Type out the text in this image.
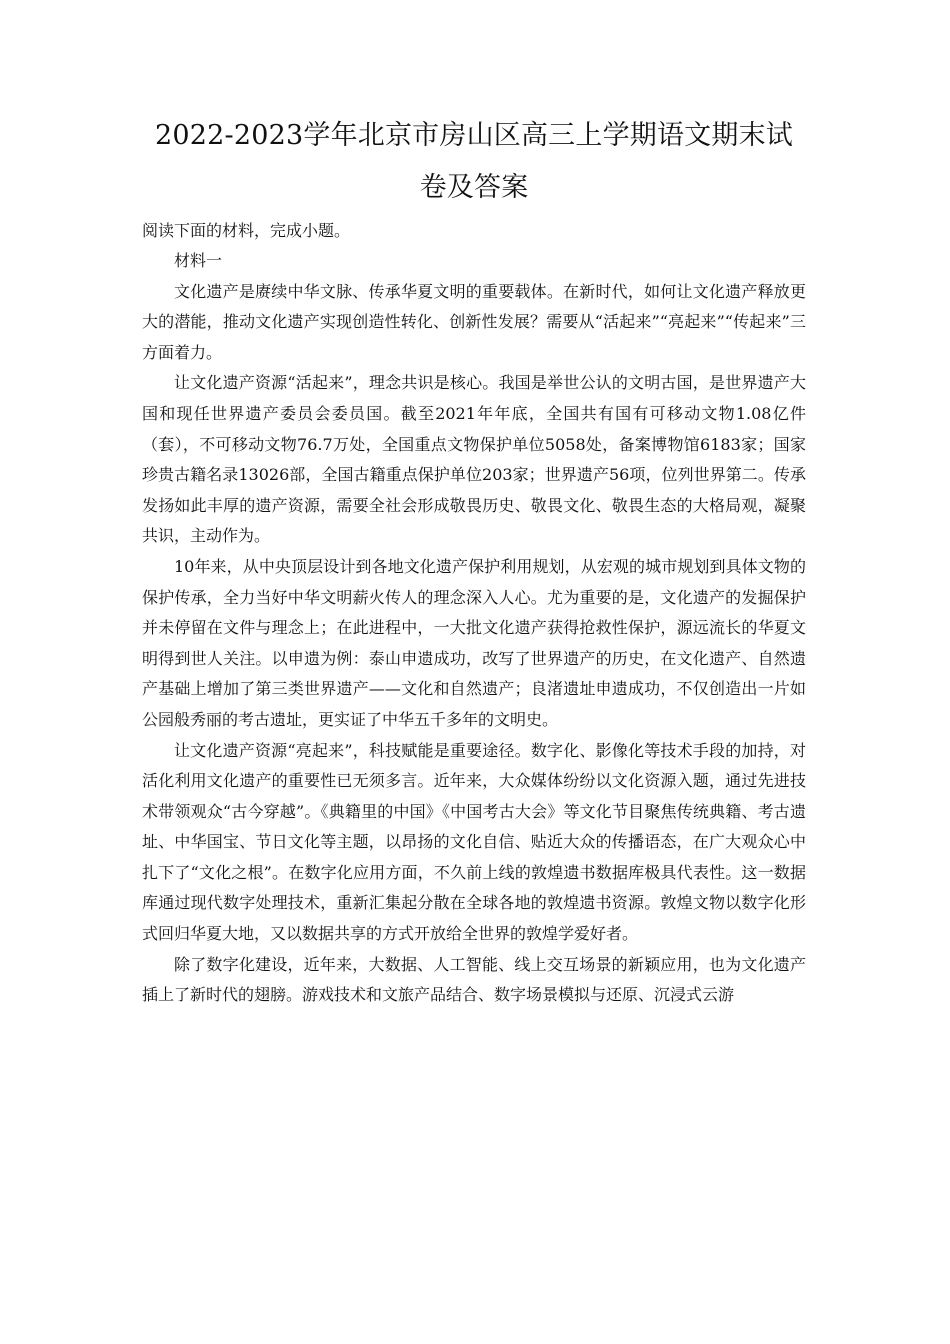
2022-2023学年北京市房山区高三上学期语文期末试卷及答案

阅读下面的材料，完成小题。

材料一

文化遗产是赓续中华文脉、传承华夏文明的重要载体。在新时代，如何让文化遗产释放更大的潜能，推动文化遗产实现创造性转化、创新性发展？需要从“活起来”“亮起来”“传起来”三方面着力。

让文化遗产资源“活起来”，理念共识是核心。我国是举世公认的文明古国，是世界遗产大国和现任世界遗产委员会委员国。截至2021年年底，全国共有国有可移动文物1.08亿件（套），不可移动文物76.7万处，全国重点文物保护单位5058处，备案博物馆6183家；国家珍贵古籍名录13026部，全国古籍重点保护单位203家；世界遗产56项，位列世界第二。传承发扬如此丰厚的遗产资源，需要全社会形成敬畏历史、敬畏文化、敬畏生态的大格局观，凝聚共识，主动作为。

10年来，从中央顶层设计到各地文化遗产保护利用规划，从宏观的城市规划到具体文物的保护传承，全力当好中华文明薪火传人的理念深入人心。尤为重要的是，文化遗产的发掘保护并未停留在文件与理念上；在此进程中，一大批文化遗产获得抢救性保护，源远流长的华夏文明得到世人关注。以申遗为例：泰山申遗成功，改写了世界遗产的历史，在文化遗产、自然遗产基础上增加了第三类世界遗产——文化和自然遗产；良渚遗址申遗成功，不仅创造出一片如公园般秀丽的考古遗址，更实证了中华五千多年的文明史。

让文化遗产资源“亮起来”，科技赋能是重要途径。数字化、影像化等技术手段的加持，对活化利用文化遗产的重要性已无须多言。近年来，大众媒体纷纷以文化资源入题，通过先进技术带领观众“古今穿越”。《典籍里的中国》《中国考古大会》等文化节目聚焦传统典籍、考古遗址、中华国宝、节日文化等主题，以昂扬的文化自信、贴近大众的传播语态，在广大观众心中扎下了“文化之根”。在数字化应用方面，不久前上线的敦煌遗书数据库极具代表性。这一数据库通过现代数字处理技术，重新汇集起分散在全球各地的敦煌遗书资源。敦煌文物以数字化形式回归华夏大地，又以数据共享的方式开放给全世界的敦煌学爱好者。

除了数字化建设，近年来，大数据、人工智能、线上交互场景的新颖应用，也为文化遗产插上了新时代的翅膀。游戏技术和文旅产品结合、数字场景模拟与还原、沉浸式云游
